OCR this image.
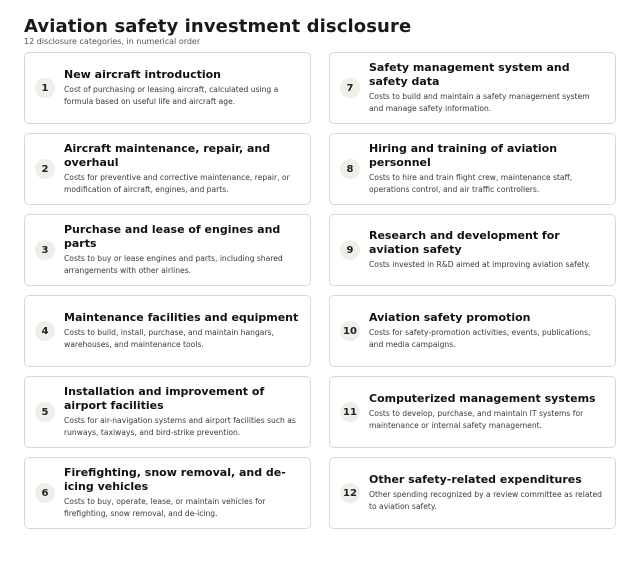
Aviation safety investment disclosure
12 disclosure categories, in numerical order
1
New aircraft introduction
Cost of purchasing or leasing aircraft, calculated using a formula based on useful life and aircraft age.
7
Safety management system and safety data
Costs to build and maintain a safety management system and manage safety information.
2
Aircraft maintenance, repair, and overhaul
Costs for preventive and corrective maintenance, repair, or modification of aircraft, engines, and parts.
8
Hiring and training of aviation personnel
Costs to hire and train flight crew, maintenance staff, operations control, and air traffic controllers.
3
Purchase and lease of engines and parts
Costs to buy or lease engines and parts, including shared arrangements with other airlines.
9
Research and development for aviation safety
Costs invested in R&D aimed at improving aviation safety.
4
Maintenance facilities and equipment
Costs to build, install, purchase, and maintain hangars, warehouses, and maintenance tools.
10
Aviation safety promotion
Costs for safety-promotion activities, events, publications, and media campaigns.
5
Installation and improvement of airport facilities
Costs for air-navigation systems and airport facilities such as runways, taxiways, and bird-strike prevention.
11
Computerized management systems
Costs to develop, purchase, and maintain IT systems for maintenance or internal safety management.
6
Firefighting, snow removal, and de-icing vehicles
Costs to buy, operate, lease, or maintain vehicles for firefighting, snow removal, and de-icing.
12
Other safety-related expenditures
Other spending recognized by a review committee as related to aviation safety.
